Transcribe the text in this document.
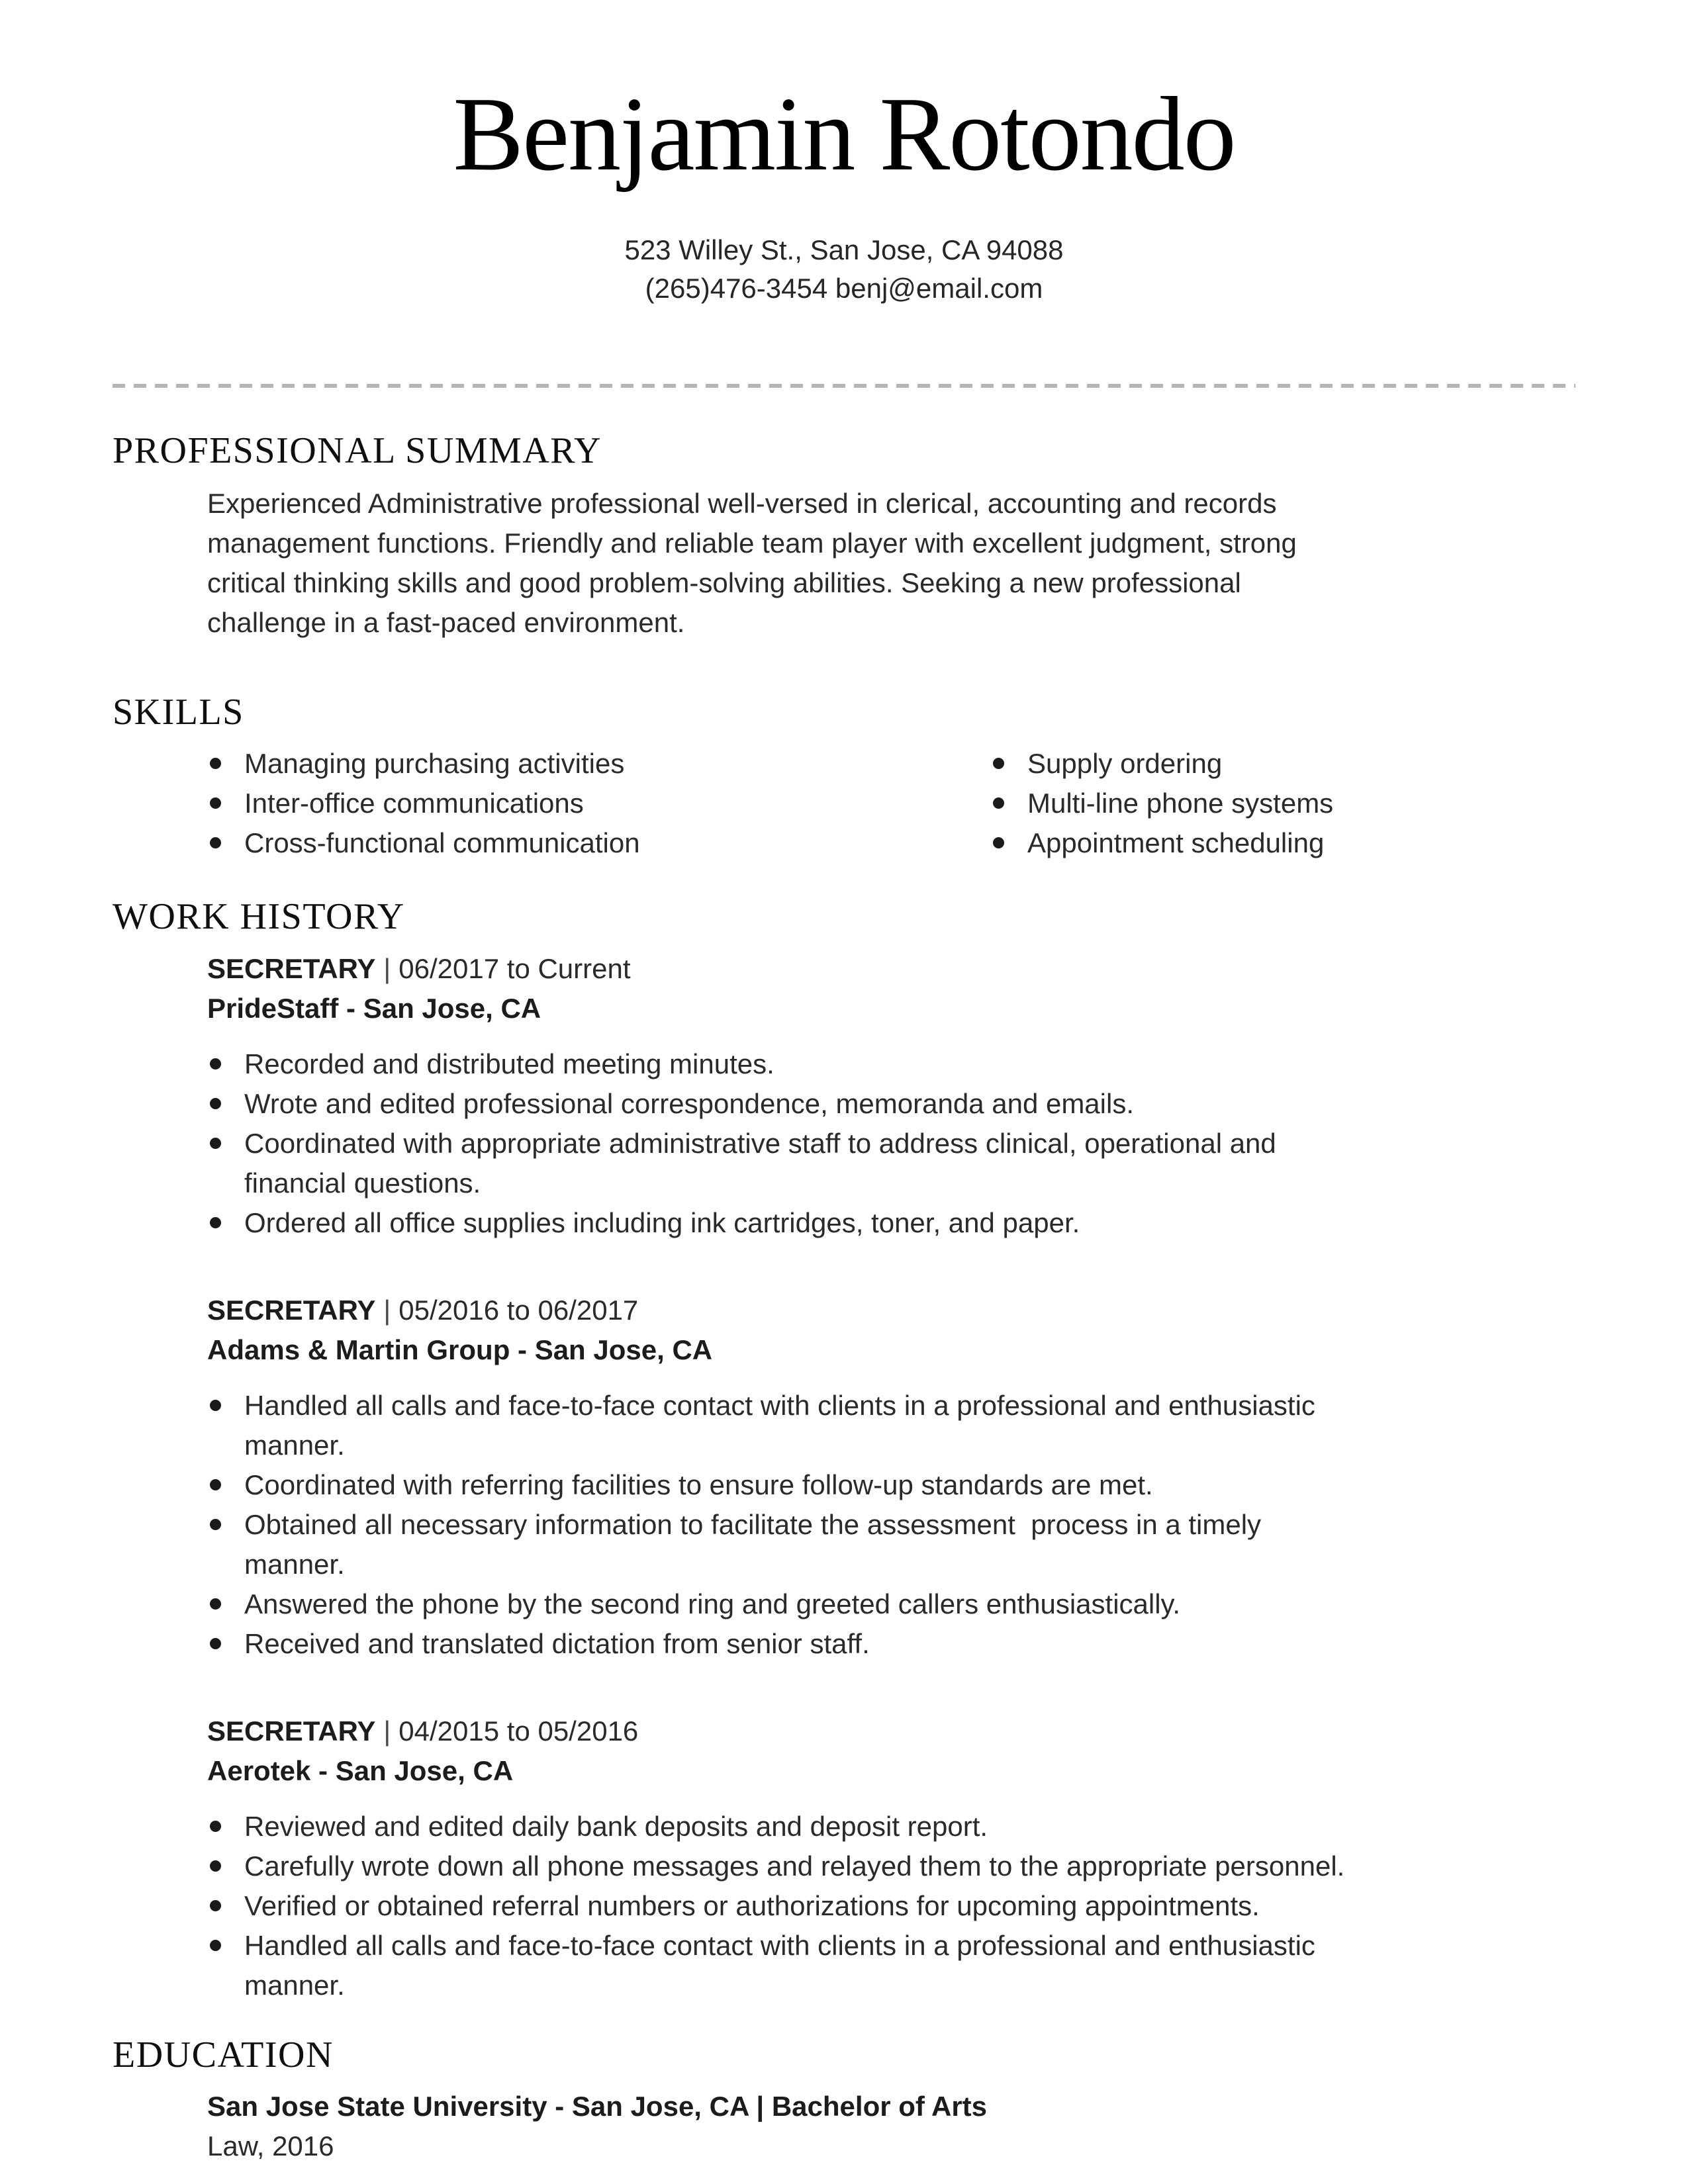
Benjamin Rotondo
523 Willey St., San Jose, CA 94088
(265)476-3454 benj@email.com
PROFESSIONAL SUMMARY

Experienced Administrative professional well-versed in clerical, accounting and records
management functions. Friendly and reliable team player with excellent judgment, strong
critical thinking skills and good problem-solving abilities. Seeking a new professional
challenge in a fast-paced environment.

SKILLS
Managing purchasing activities
Inter-office communications
Cross-functional communication
Supply ordering
Multi-line phone systems
Appointment scheduling
WORK HISTORY
SECRETARY | 06/2017 to Current
PrideStaff - San Jose, CA
Recorded and distributed meeting minutes.
Wrote and edited professional correspondence, memoranda and emails.
Coordinated with appropriate administrative staff to address clinical, operational and
financial questions.
Ordered all office supplies including ink cartridges, toner, and paper.
SECRETARY | 05/2016 to 06/2017
Adams & Martin Group - San Jose, CA
Handled all calls and face-to-face contact with clients in a professional and enthusiastic
manner.
Coordinated with referring facilities to ensure follow-up standards are met.
Obtained all necessary information to facilitate the assessment  process in a timely
manner.
Answered the phone by the second ring and greeted callers enthusiastically.
Received and translated dictation from senior staff.
SECRETARY | 04/2015 to 05/2016
Aerotek - San Jose, CA
Reviewed and edited daily bank deposits and deposit report.
Carefully wrote down all phone messages and relayed them to the appropriate personnel.
Verified or obtained referral numbers or authorizations for upcoming appointments.
Handled all calls and face-to-face contact with clients in a professional and enthusiastic
manner.
EDUCATION
San Jose State University - San Jose, CA | Bachelor of Arts
Law, 2016
